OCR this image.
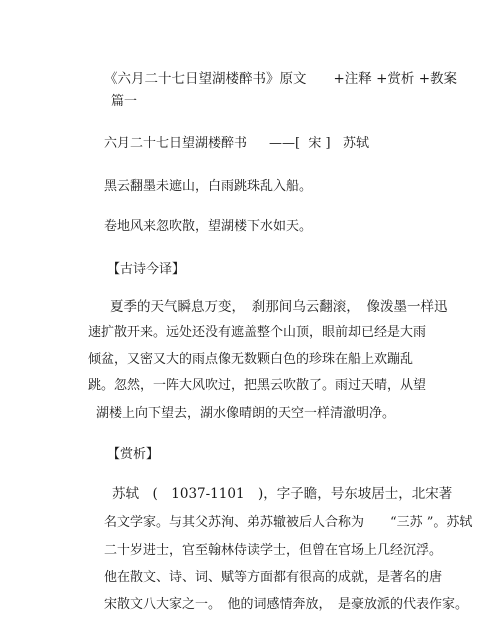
《六月二十七日望湖楼醉书》原文　　+注释 +赏析 +教案
篇一
六月二十七日望湖楼醉书 ——[ 宋 ] 苏轼
黑云翻墨未遮山，白雨跳珠乱入船。
卷地风来忽吹散，望湖楼下水如天。
【古诗今译】
夏季的天气瞬息万变，　刹那间乌云翻滚，　像泼墨一样迅
速扩散开来。远处还没有遮盖整个山顶，眼前却已经是大雨
倾盆，又密又大的雨点像无数颗白色的珍珠在船上欢蹦乱
跳。忽然，一阵大风吹过，把黑云吹散了。雨过天晴，从望
湖楼上向下望去，湖水像晴朗的天空一样清澈明净。
【赏析】
苏轼　(　1037-1101　)，字子瞻，号东坡居士，北宋著
名文学家。与其父苏洵、弟苏辙被后人合称为　　“三苏 ”。苏轼
二十岁进士，官至翰林侍读学士，但曾在官场上几经沉浮。
他在散文、诗、词、赋等方面都有很高的成就，是著名的唐
宋散文八大家之一。　他的词感情奔放，　是豪放派的代表作家。
